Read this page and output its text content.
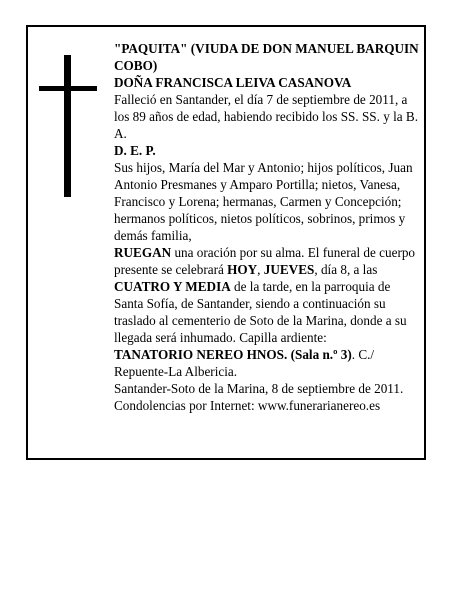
"PAQUITA" (VIUDA DE DON MANUEL BARQUIN COBO)

DOÑA FRANCISCA LEIVA CASANOVA

Falleció en Santander, el día 7 de septiembre de 2011, a los 89 años de edad, habiendo recibido los SS. SS. y la B. A.

D. E. P.

Sus hijos, María del Mar y Antonio; hijos políticos, Juan Antonio Presmanes y Amparo Portilla; nietos, Vanesa, Francisco y Lorena; hermanas, Carmen y Concepción; hermanos políticos, nietos políticos, sobrinos, primos y demás familia,

RUEGAN una oración por su alma. El funeral de cuerpo presente se celebrará HOY, JUEVES, día 8, a las CUATRO Y MEDIA de la tarde, en la parroquia de Santa Sofía, de Santander, siendo a continuación su traslado al cementerio de Soto de la Marina, donde a su llegada será inhumado. Capilla ardiente:

TANATORIO NEREO HNOS. (Sala n.º 3). C./ Repuente-La Albericia.

Santander-Soto de la Marina, 8 de septiembre de 2011.

Condolencias por Internet: www.funerarianereo.es
